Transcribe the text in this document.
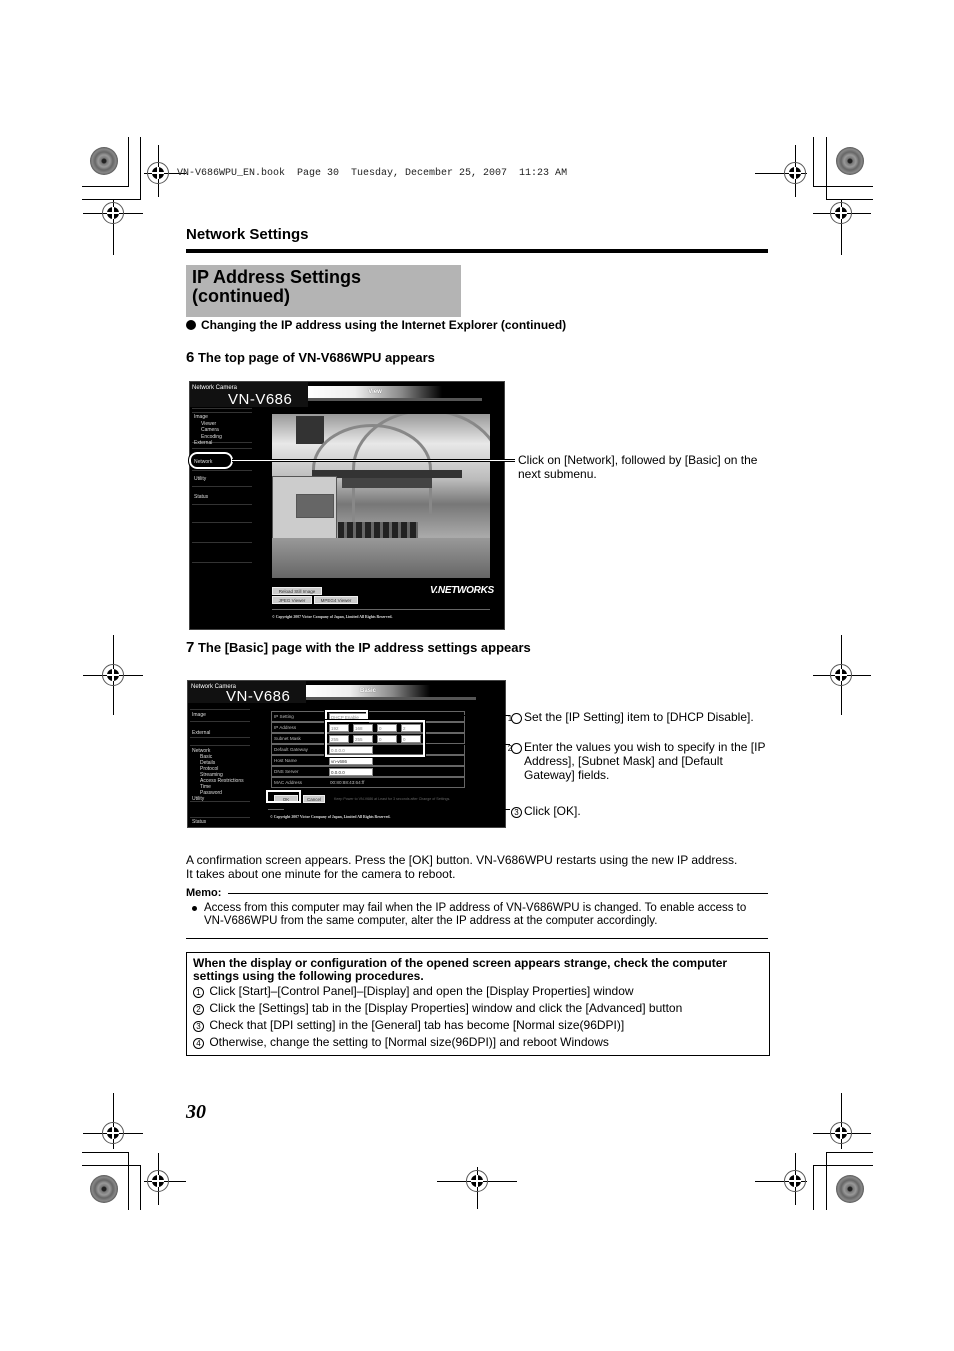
VN-V686WPU_EN.book  Page 30  Tuesday, December 25, 2007  11:23 AM
Network Settings
IP Address Settings
(continued)
Changing the IP address using the Internet Explorer (continued)
6 The top page of VN-V686WPU appears
Network Camera
VN-V686	View
Image
Viewer
Camera
Encoding
External
Network
Utility
Status
Reload Still Image
JPEG Viewer	MPEG4 Viewer
V.NETWORKS
© Copyright 2007 Victor Company of Japan, Limited All Rights Reserved.
Click on [Network], followed by [Basic] on the next submenu.
7 The [Basic] page with the IP address settings appears
Network Camera
VN-V686	Basic
Image
External
Network
Basic
Details
Protocol
Streaming
Access Restrictions
Time
Password
Utility
Status
IP Setting	DHCP Enable
IP Address	192	168	0	2
Subnet Mask	255	255	0	0
Default Gateway	0.0.0.0
Host Name	vn-v686
DNS Server	0.0.0.0
MAC Address	00:80:88:43:64:ff
OK	Cancel	Keep Power to VN-V686 at Least for 3 seconds after Change of Settings.
© Copyright 2007 Victor Company of Japan, Limited All Rights Reserved.
1 Set the [IP Setting] item to [DHCP Disable].
2 Enter the values you wish to specify in the [IP Address], [Subnet Mask] and [Default Gateway] fields.
3 Click [OK].
A confirmation screen appears. Press the [OK] button. VN-V686WPU restarts using the new IP address. It takes about one minute for the camera to reboot.
Memo:
Access from this computer may fail when the IP address of VN-V686WPU is changed. To enable access to VN-V686WPU from the same computer, alter the IP address at the computer accordingly.
When the display or configuration of the opened screen appears strange, check the computer settings using the following procedures.
1 Click [Start]–[Control Panel]–[Display] and open the [Display Properties] window
2 Click the [Settings] tab in the [Display Properties] window and click the [Advanced] button
3 Check that [DPI setting] in the [General] tab has become [Normal size(96DPI)]
4 Otherwise, change the setting to [Normal size(96DPI)] and reboot Windows
30
